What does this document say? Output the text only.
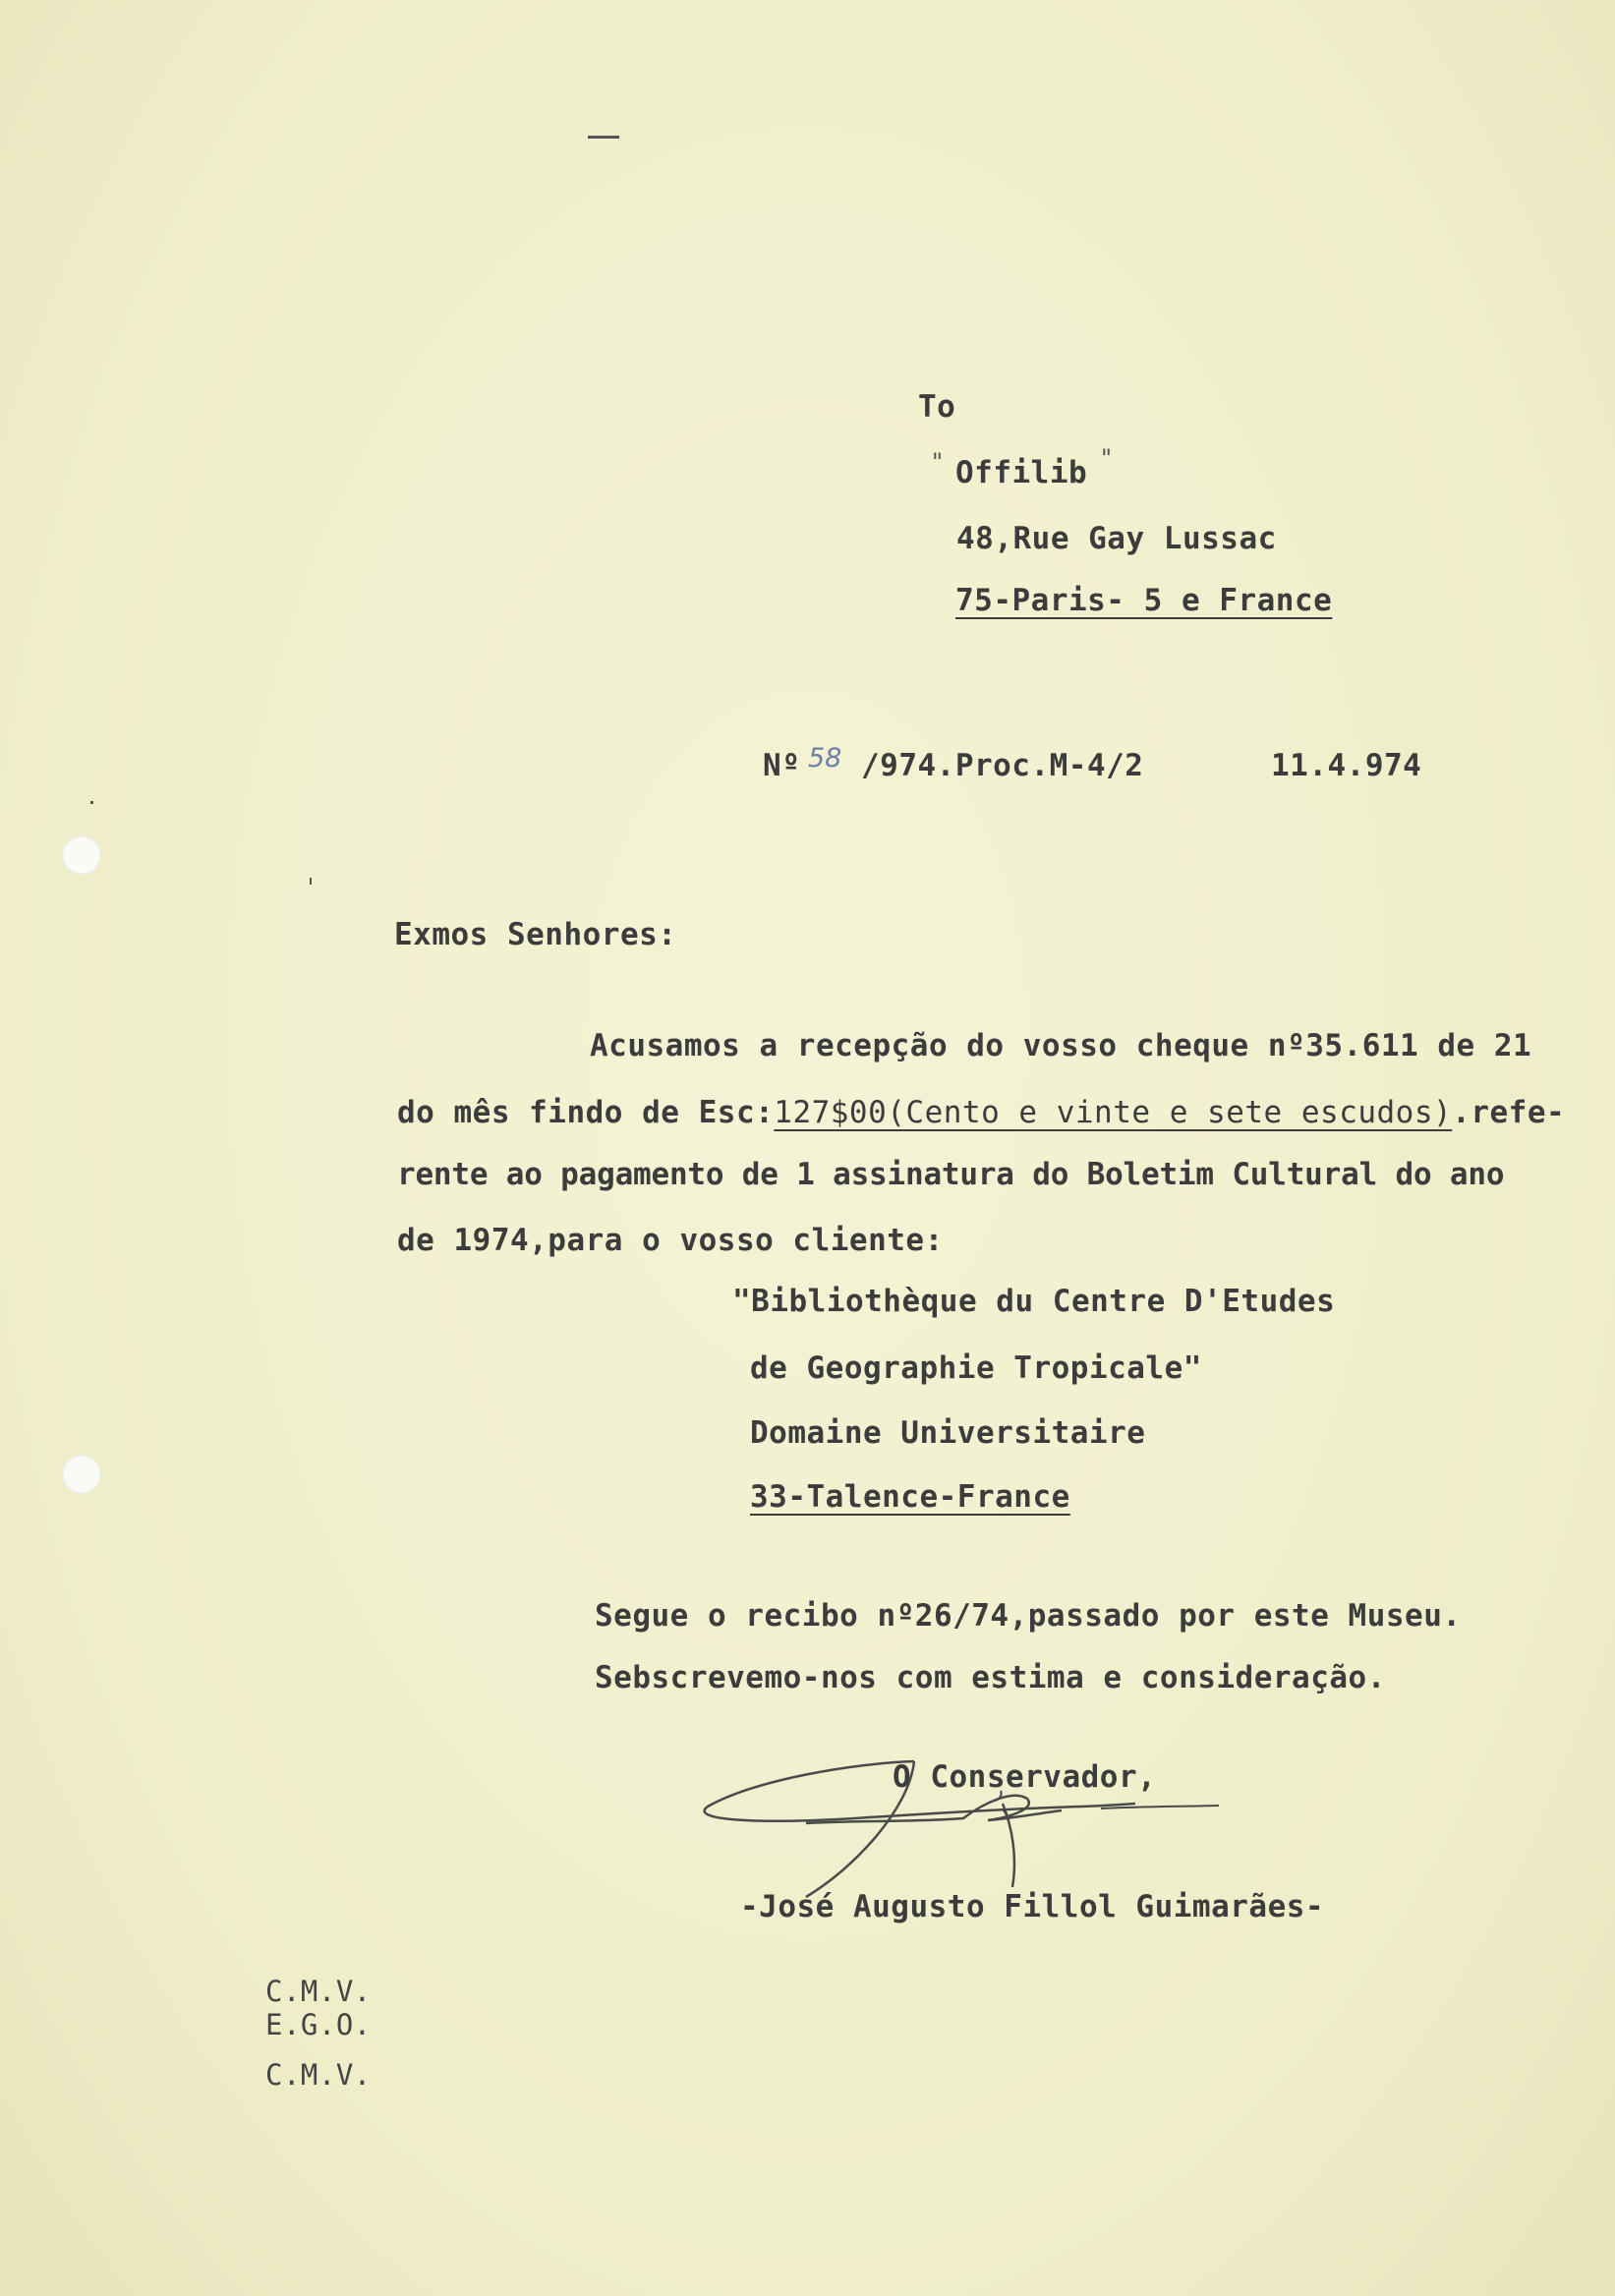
To
" Offilib "
48,Rue Gay Lussac
75-Paris- 5 e France
Nº 58 /974.Proc.M-4/2	11.4.974
Exmos Senhores:
Acusamos a recepção do vosso cheque nº35.611 de 21
do mês findo de Esc:127$00(Cento e vinte e sete escudos).refe-
rente ao pagamento de 1 assinatura do Boletim Cultural do ano
de 1974,para o vosso cliente:
"Bibliothèque du Centre D'Etudes
de Geographie Tropicale"
Domaine Universitaire
33-Talence-France
Segue o recibo nº26/74,passado por este Museu.
Sebscrevemo-nos com estima e consideração.
O Conservador,
-José Augusto Fillol Guimarães-
C.M.V.
E.G.O.
C.M.V.
